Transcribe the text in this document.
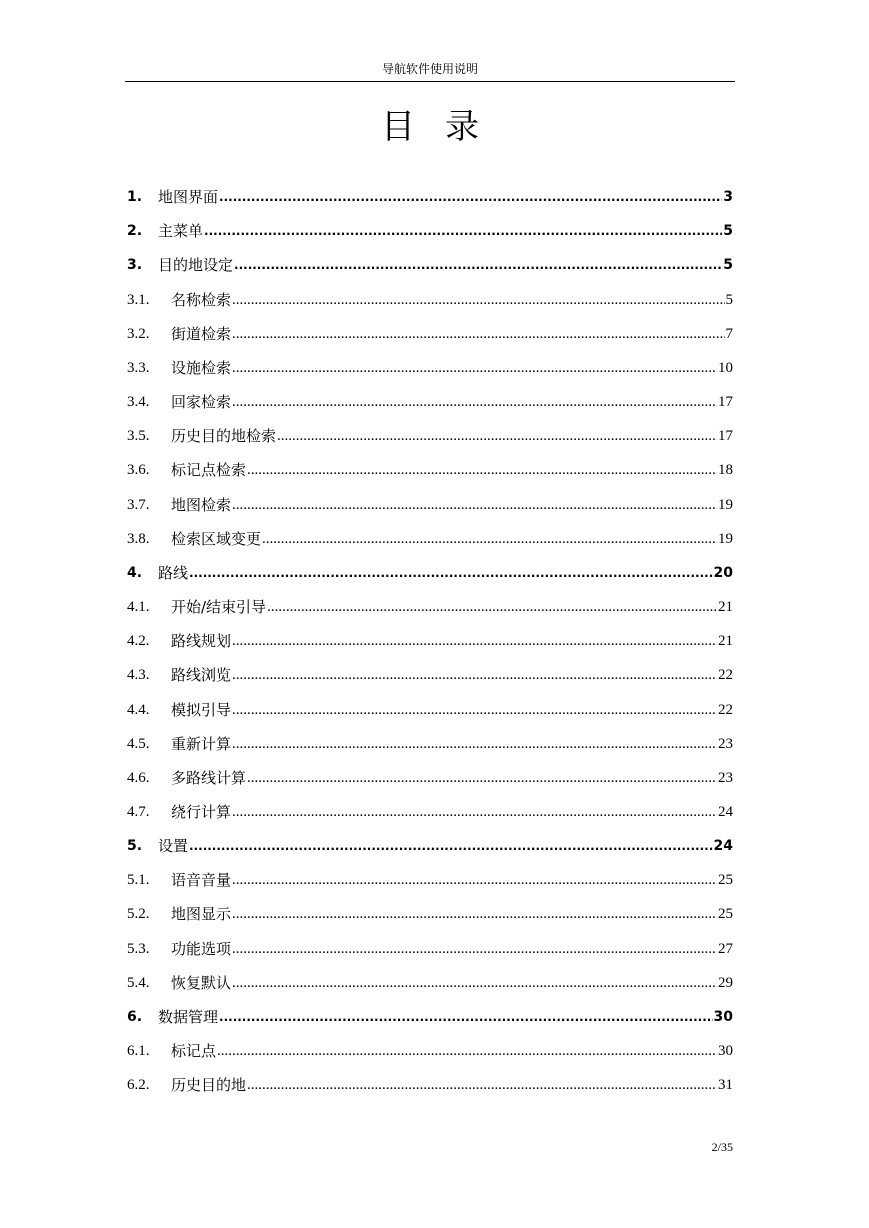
导航软件使用说明
目录
1.	地图界面 .....	3
2.	主菜单 .....	5
3.	目的地设定 .....	5
3.1.	名称检索 .....	5
3.2.	街道检索 .....	7
3.3.	设施检索 .....	10
3.4.	回家检索 .....	17
3.5.	历史目的地检索 .....	17
3.6.	标记点检索 .....	18
3.7.	地图检索 .....	19
3.8.	检索区域变更 .....	19
4.	路线 .....	20
4.1.	开始/结束引导 .....	21
4.2.	路线规划 .....	21
4.3.	路线浏览 .....	22
4.4.	模拟引导 .....	22
4.5.	重新计算 .....	23
4.6.	多路线计算 .....	23
4.7.	绕行计算 .....	24
5.	设置 .....	24
5.1.	语音音量 .....	25
5.2.	地图显示 .....	25
5.3.	功能选项 .....	27
5.4.	恢复默认 .....	29
6.	数据管理 .....	30
6.1.	标记点 .....	30
6.2.	历史目的地 .....	31
2/35
